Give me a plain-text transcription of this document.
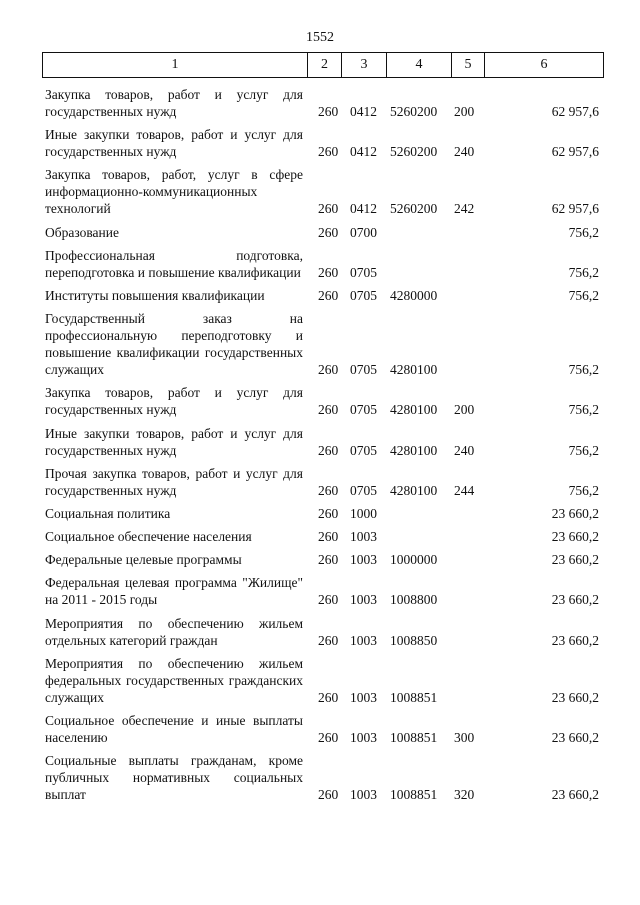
1552
1	2	3	4	5	6
Закупка товаров, работ и услуг для государственных нужд	260	0412	5260200	200	62 957,6
Иные закупки товаров, работ и услуг для государственных нужд	260	0412	5260200	240	62 957,6
Закупка товаров, работ, услуг в сфере информационно-коммуникационных технологий	260	0412	5260200	242	62 957,6
Образование	260	0700			756,2
Профессиональная подготовка, переподготовка и повышение квалификации	260	0705			756,2
Институты повышения квалификации	260	0705	4280000		756,2
Государственный заказ на профессиональную переподготовку и повышение квалификации государственных служащих	260	0705	4280100		756,2
Закупка товаров, работ и услуг для государственных нужд	260	0705	4280100	200	756,2
Иные закупки товаров, работ и услуг для государственных нужд	260	0705	4280100	240	756,2
Прочая закупка товаров, работ и услуг для государственных нужд	260	0705	4280100	244	756,2
Социальная политика	260	1000			23 660,2
Социальное обеспечение населения	260	1003			23 660,2
Федеральные целевые программы	260	1003	1000000		23 660,2
Федеральная целевая программа "Жилище" на 2011 - 2015 годы	260	1003	1008800		23 660,2
Мероприятия по обеспечению жильем отдельных категорий граждан	260	1003	1008850		23 660,2
Мероприятия по обеспечению жильем федеральных государственных гражданских служащих	260	1003	1008851		23 660,2
Социальное обеспечение и иные выплаты населению	260	1003	1008851	300	23 660,2
Социальные выплаты гражданам, кроме публичных нормативных социальных выплат	260	1003	1008851	320	23 660,2
